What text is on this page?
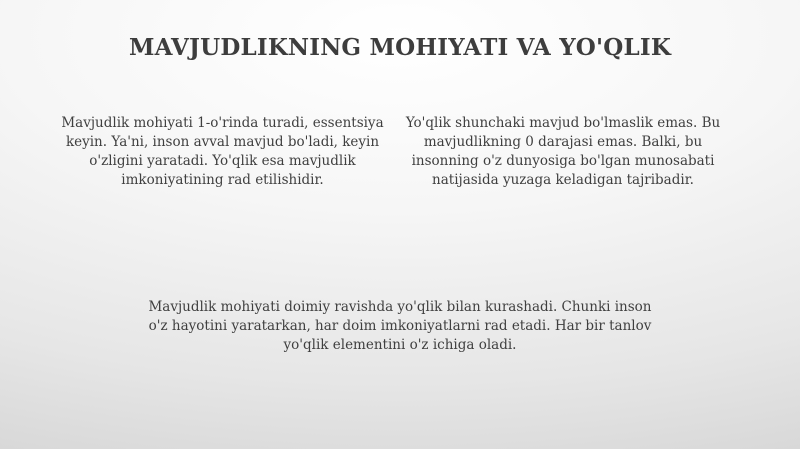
MAVJUDLIKNING MOHIYATI VA YO'QLIK

Mavjudlik mohiyati 1-o'rinda turadi, essentsiya keyin. Ya'ni, inson avval mavjud bo'ladi, keyin o'zligini yaratadi. Yo'qlik esa mavjudlik imkoniyatining rad etilishidir.

Yo'qlik shunchaki mavjud bo'lmaslik emas. Bu mavjudlikning 0 darajasi emas. Balki, bu insonning o'z dunyosiga bo'lgan munosabati natijasida yuzaga keladigan tajribadir.

Mavjudlik mohiyati doimiy ravishda yo'qlik bilan kurashadi. Chunki inson o'z hayotini yaratarkan, har doim imkoniyatlarni rad etadi. Har bir tanlov yo'qlik elementini o'z ichiga oladi.
